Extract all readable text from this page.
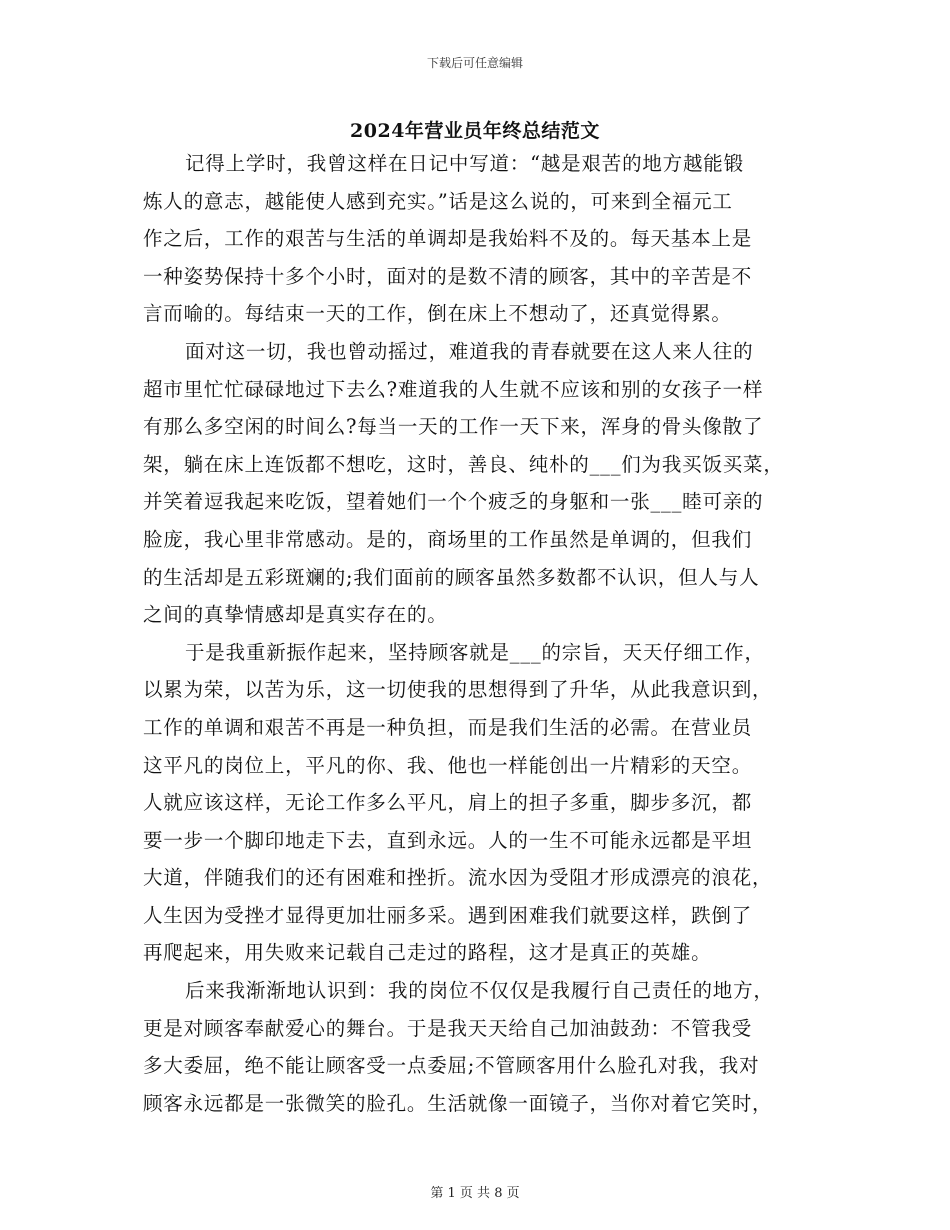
下载后可任意编辑
2024年营业员年终总结范文
记得上学时，我曾这样在日记中写道：“越是艰苦的地方越能锻
炼人的意志，越能使人感到充实。”话是这么说的，可来到全福元工
作之后，工作的艰苦与生活的单调却是我始料不及的。每天基本上是
一种姿势保持十多个小时，面对的是数不清的顾客，其中的辛苦是不
言而喻的。每结束一天的工作，倒在床上不想动了，还真觉得累。
面对这一切，我也曾动摇过，难道我的青春就要在这人来人往的
超市里忙忙碌碌地过下去么?难道我的人生就不应该和别的女孩子一样
有那么多空闲的时间么?每当一天的工作一天下来，浑身的骨头像散了
架，躺在床上连饭都不想吃，这时，善良、纯朴的___们为我买饭买菜，
并笑着逗我起来吃饭，望着她们一个个疲乏的身躯和一张___睦可亲的
脸庞，我心里非常感动。是的，商场里的工作虽然是单调的，但我们
的生活却是五彩斑斓的;我们面前的顾客虽然多数都不认识，但人与人
之间的真挚情感却是真实存在的。
于是我重新振作起来，坚持顾客就是___的宗旨，天天仔细工作，
以累为荣，以苦为乐，这一切使我的思想得到了升华，从此我意识到，
工作的单调和艰苦不再是一种负担，而是我们生活的必需。在营业员
这平凡的岗位上，平凡的你、我、他也一样能创出一片精彩的天空。
人就应该这样，无论工作多么平凡，肩上的担子多重，脚步多沉，都
要一步一个脚印地走下去，直到永远。人的一生不可能永远都是平坦
大道，伴随我们的还有困难和挫折。流水因为受阻才形成漂亮的浪花，
人生因为受挫才显得更加壮丽多采。遇到困难我们就要这样，跌倒了
再爬起来，用失败来记载自己走过的路程，这才是真正的英雄。
后来我渐渐地认识到：我的岗位不仅仅是我履行自己责任的地方，
更是对顾客奉献爱心的舞台。于是我天天给自己加油鼓劲：不管我受
多大委屈，绝不能让顾客受一点委屈;不管顾客用什么脸孔对我，我对
顾客永远都是一张微笑的脸孔。生活就像一面镜子，当你对着它笑时，
第 1 页 共 8 页
